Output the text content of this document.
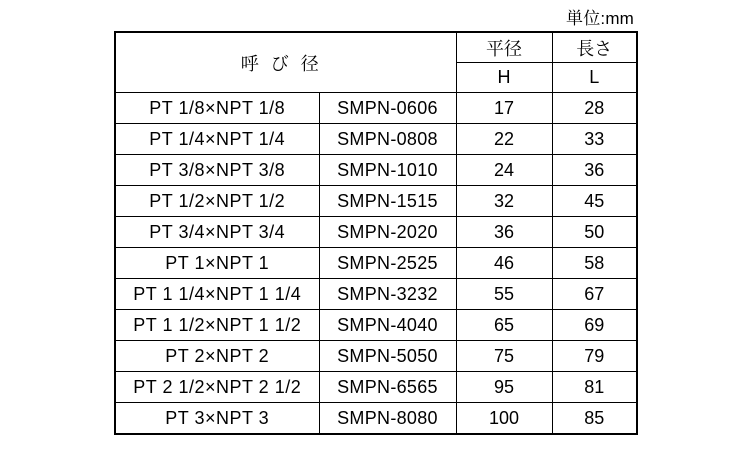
単位:mm
呼び径		平径	長さ
		H	L
PT 1/8×NPT 1/8	SMPN-0606	17	28
PT 1/4×NPT 1/4	SMPN-0808	22	33
PT 3/8×NPT 3/8	SMPN-1010	24	36
PT 1/2×NPT 1/2	SMPN-1515	32	45
PT 3/4×NPT 3/4	SMPN-2020	36	50
PT 1×NPT 1	SMPN-2525	46	58
PT 1 1/4×NPT 1 1/4	SMPN-3232	55	67
PT 1 1/2×NPT 1 1/2	SMPN-4040	65	69
PT 2×NPT 2	SMPN-5050	75	79
PT 2 1/2×NPT 2 1/2	SMPN-6565	95	81
PT 3×NPT 3	SMPN-8080	100	85
